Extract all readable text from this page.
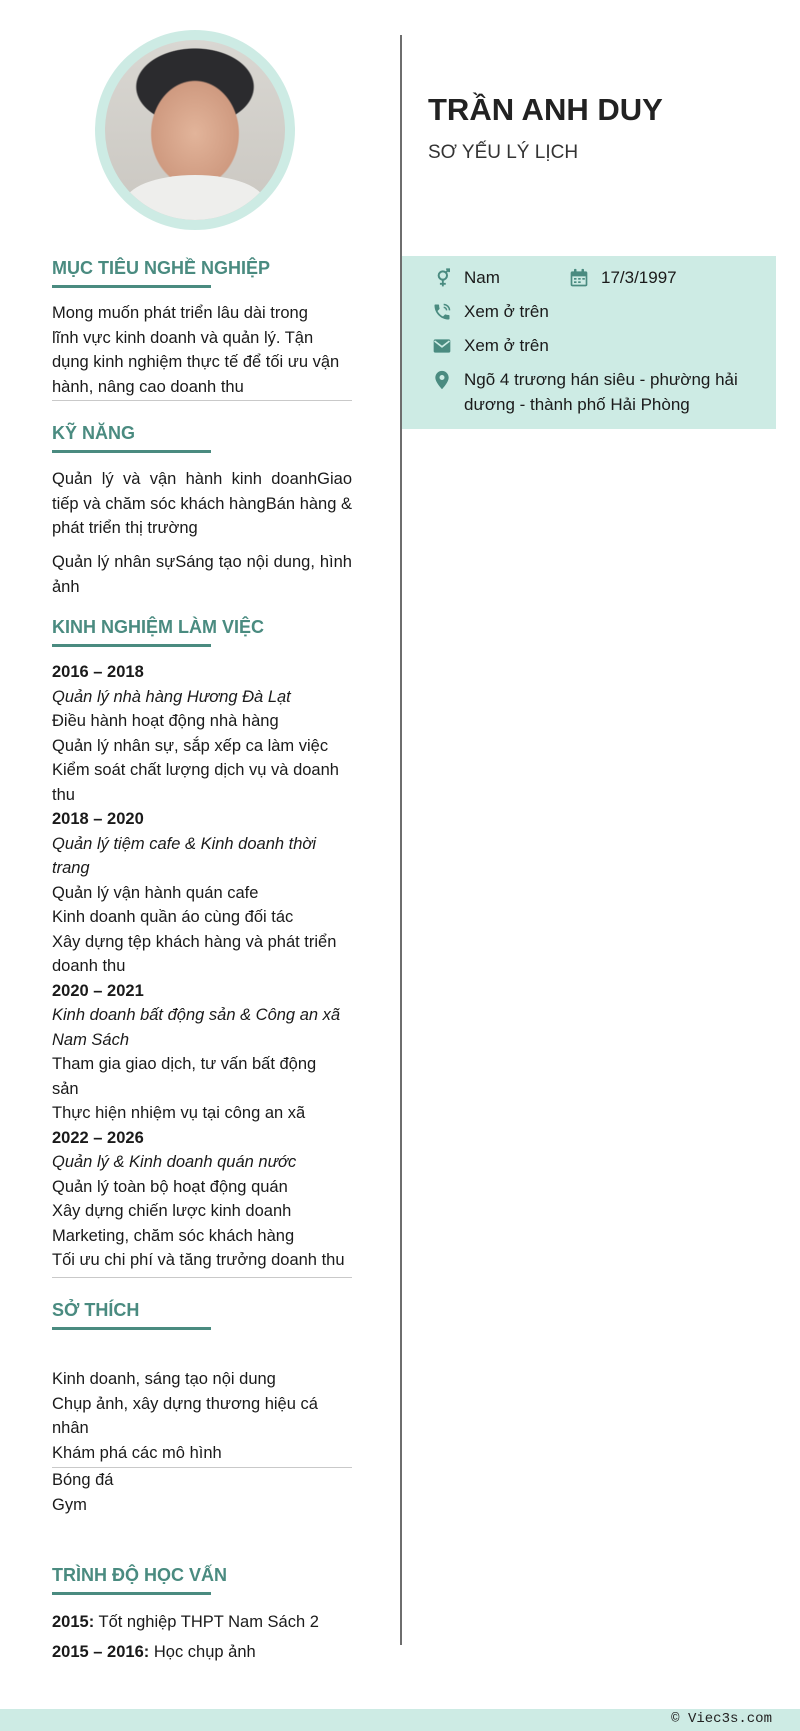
TRẦN ANH DUY
SƠ YẾU LÝ LỊCH
Nam	17/3/1997
Xem ở trên
Xem ở trên
Ngõ 4 trương hán siêu - phường hải
dương - thành phố Hải Phòng
MỤC TIÊU NGHỀ NGHIỆP
Mong muốn phát triển lâu dài trong
lĩnh vực kinh doanh và quản lý. Tận
dụng kinh nghiệm thực tế để tối ưu vận
hành, nâng cao doanh thu
KỸ NĂNG
Quản lý và vận hành kinh doanhGiao tiếp và chăm sóc khách hàngBán hàng & phát triển thị trường
Quản lý nhân sựSáng tạo nội dung, hình ảnh
KINH NGHIỆM LÀM VIỆC
2016 – 2018
Quản lý nhà hàng Hương Đà Lạt
Điều hành hoạt động nhà hàng
Quản lý nhân sự, sắp xếp ca làm việc
Kiểm soát chất lượng dịch vụ và doanh
thu
2018 – 2020
Quản lý tiệm cafe & Kinh doanh thời
trang
Quản lý vận hành quán cafe
Kinh doanh quần áo cùng đối tác
Xây dựng tệp khách hàng và phát triển
doanh thu
2020 – 2021
Kinh doanh bất động sản & Công an xã
Nam Sách
Tham gia giao dịch, tư vấn bất động
sản
Thực hiện nhiệm vụ tại công an xã
2022 – 2026
Quản lý & Kinh doanh quán nước
Quản lý toàn bộ hoạt động quán
Xây dựng chiến lược kinh doanh
Marketing, chăm sóc khách hàng
Tối ưu chi phí và tăng trưởng doanh thu
SỞ THÍCH
Kinh doanh, sáng tạo nội dung
Chụp ảnh, xây dựng thương hiệu cá
nhân
Khám phá các mô hình
Bóng đá
Gym
TRÌNH ĐỘ HỌC VẤN
2015: Tốt nghiệp THPT Nam Sách 2
2015 – 2016: Học chụp ảnh
© Viec3s.com
